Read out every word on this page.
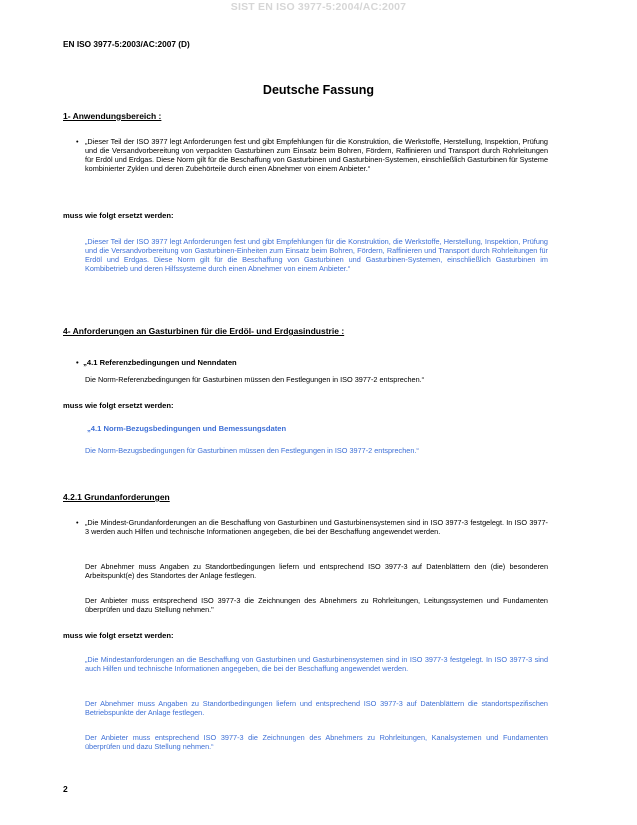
SIST EN ISO 3977-5:2004/AC:2007
EN ISO 3977-5:2003/AC:2007 (D)
Deutsche Fassung
1- Anwendungsbereich :
• „Dieser Teil der ISO 3977 legt Anforderungen fest und gibt Empfehlungen für die Konstruktion, die Werkstoffe, Herstellung, Inspektion, Prüfung und die Versandvorbereitung von verpackten Gasturbinen zum Einsatz beim Bohren, Fördern, Raffinieren und Transport durch Rohrleitungen für Erdöl und Erdgas. Diese Norm gilt für die Beschaffung von Gasturbinen und Gasturbinen-Systemen, einschließlich Gasturbinen für Systeme kombinierter Zyklen und deren Zubehörteile durch einen Abnehmer von einem Anbieter.“

muss wie folgt ersetzt werden:

„Dieser Teil der ISO 3977 legt Anforderungen fest und gibt Empfehlungen für die Konstruktion, die Werkstoffe, Herstellung, Inspektion, Prüfung und die Versandvorbereitung von Gasturbinen-Einheiten zum Einsatz beim Bohren, Fördern, Raffinieren und Transport durch Rohrleitungen für Erdöl und Erdgas. Diese Norm gilt für die Beschaffung von Gasturbinen und Gasturbinen-Systemen, einschließlich Gasturbinen im Kombibetrieb und deren Hilfssysteme durch einen Abnehmer von einem Anbieter.“

4- Anforderungen an Gasturbinen für die Erdöl- und Erdgasindustrie :
• „4.1 Referenzbedingungen und Nenndaten

Die Norm-Referenzbedingungen für Gasturbinen müssen den Festlegungen in ISO 3977-2 entsprechen.“

muss wie folgt ersetzt werden:
„4.1 Norm-Bezugsbedingungen und Bemessungsdaten

Die Norm-Bezugsbedingungen für Gasturbinen müssen den Festlegungen in ISO 3977-2 entsprechen.“

4.2.1 Grundanforderungen
• „Die Mindest-Grundanforderungen an die Beschaffung von Gasturbinen und Gasturbinensystemen sind in ISO 3977-3 festgelegt. In ISO 3977-3 werden auch Hilfen und technische Informationen angegeben, die bei der Beschaffung angewendet werden.

Der Abnehmer muss Angaben zu Standortbedingungen liefern und entsprechend ISO 3977-3 auf Datenblättern den (die) besonderen Arbeitspunkt(e) des Standortes der Anlage festlegen.

Der Anbieter muss entsprechend ISO 3977-3 die Zeichnungen des Abnehmers zu Rohrleitungen, Leitungssystemen und Fundamenten überprüfen und dazu Stellung nehmen."

muss wie folgt ersetzt werden:

„Die Mindestanforderungen an die Beschaffung von Gasturbinen und Gasturbinensystemen sind in ISO 3977-3 festgelegt. In ISO 3977-3 sind auch Hilfen und technische Informationen angegeben, die bei der Beschaffung angewendet werden.

Der Abnehmer muss Angaben zu Standortbedingungen liefern und entsprechend ISO 3977-3 auf Datenblättern die standortspezifischen Betriebspunkte der Anlage festlegen.

Der Anbieter muss entsprechend ISO 3977-3 die Zeichnungen des Abnehmers zu Rohrleitungen, Kanalsystemen und Fundamenten überprüfen und dazu Stellung nehmen.“

2
